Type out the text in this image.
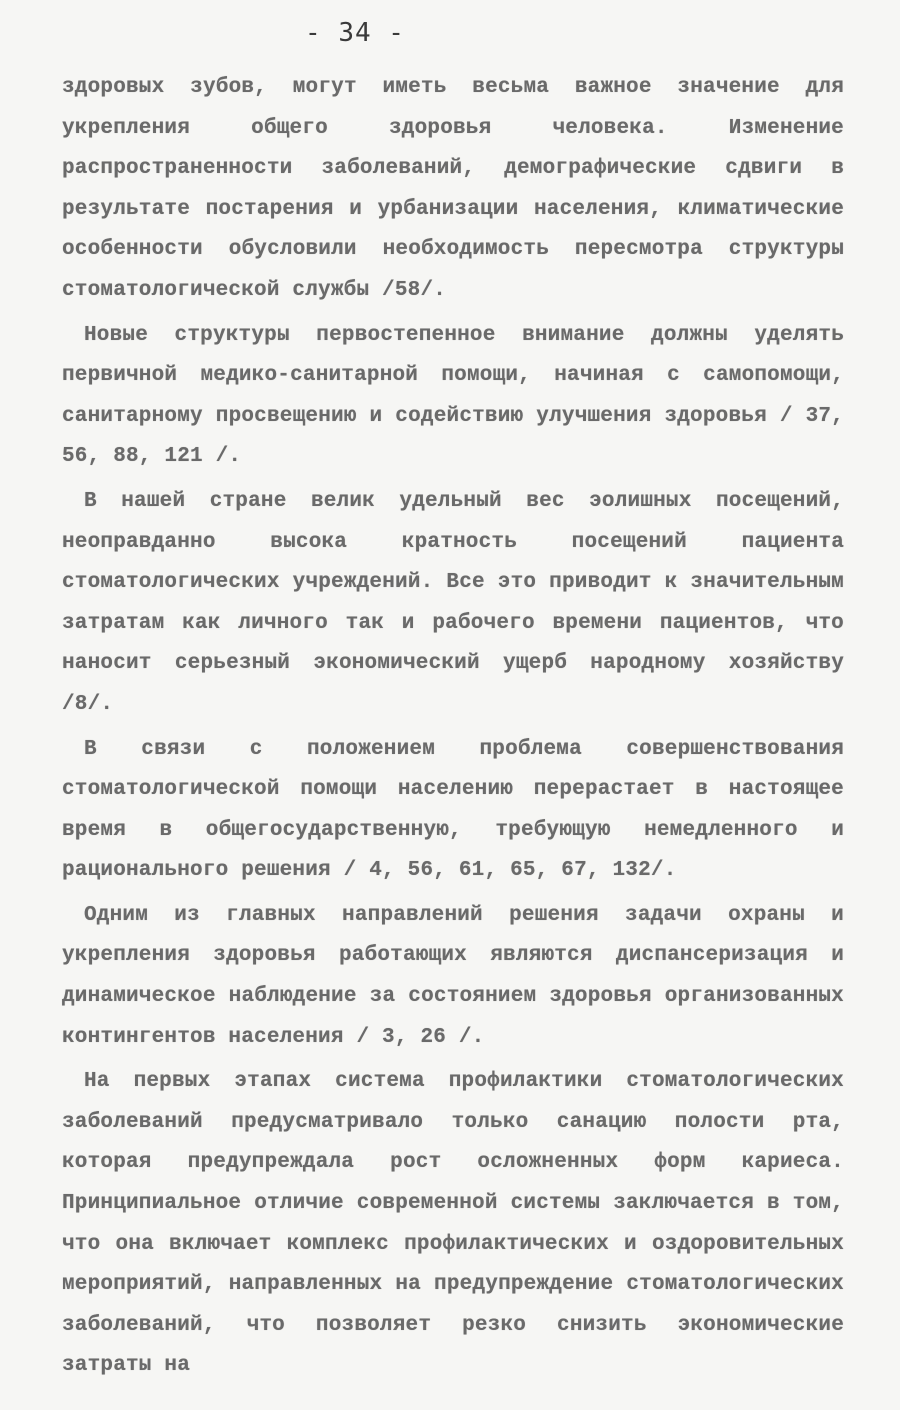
- 34 -

здоровых зубов, могут иметь весьма важное значение для укрепления общего здоровья человека. Изменение распространенности заболеваний, демографические сдвиги в результате постарения и урбанизации населения, климатические особенности обусловили необходимость пересмотра структуры стоматологической службы /58/.

Новые структуры первостепенное внимание должны уделять первичной медико-санитарной помощи, начиная с самопомощи, санитарному просвещению и содействию улучшения здоровья / 37, 56, 88, 121 /.

В нашей стране велик удельный вес эолишных посещений, неоправданно высока кратность посещений пациента стоматологических учреждений. Все это приводит к значительным затратам как личного так и рабочего времени пациентов, что наносит серьезный экономический ущерб народному хозяйству /8/.

В связи с положением проблема совершенствования стоматологической помощи населению перерастает в настоящее время в общегосударственную, требующую немедленного и рационального решения / 4, 56, 61, 65, 67, 132/.

Одним из главных направлений решения задачи охраны и укрепления здоровья работающих являются диспансеризация и динамическое наблюдение за состоянием здоровья организованных контингентов населения / 3, 26 /.

На первых этапах система профилактики стоматологических заболеваний предусматривало только санацию полости рта, которая предупреждала рост осложненных форм кариеса. Принципиальное отличие современной системы заключается в том, что она включает комплекс профилактических и оздоровительных мероприятий, направленных на предупреждение стоматологических заболеваний, что позволяет резко снизить экономические затраты на
